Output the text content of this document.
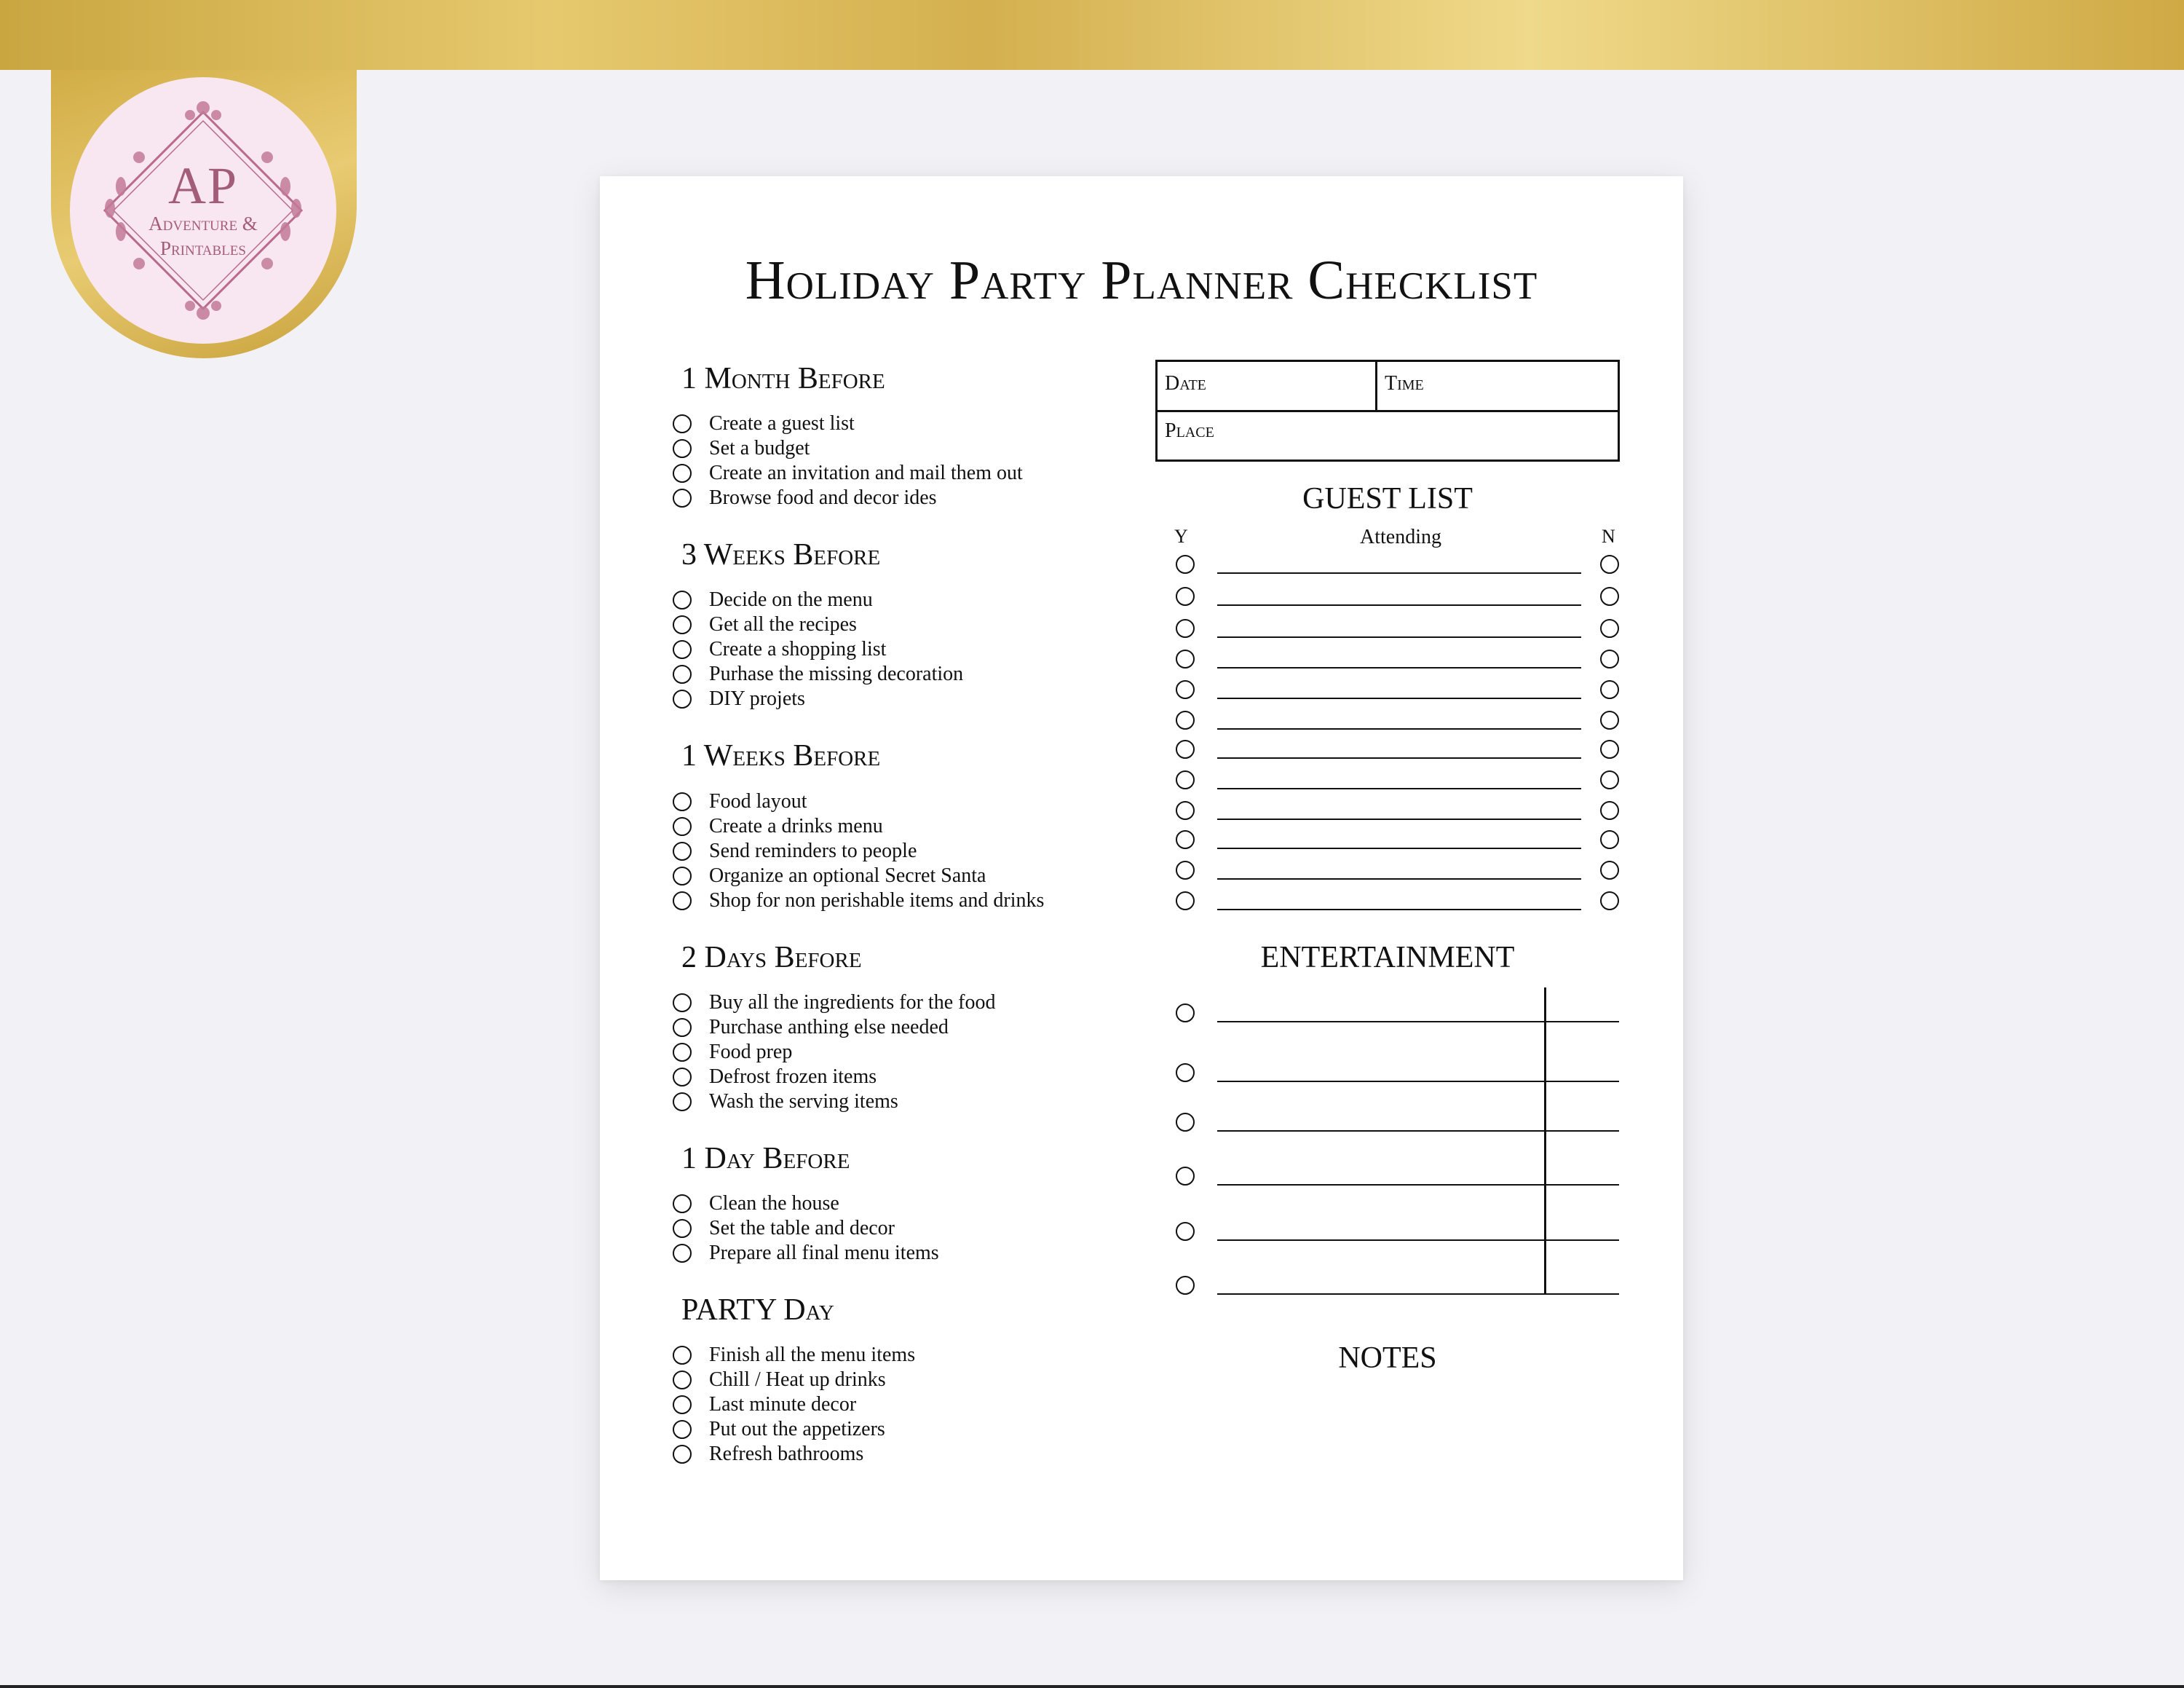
AP
Adventure &
Printables
Holiday Party Planner Checklist
1 Month Before
Create a guest list
Set a budget
Create an invitation and mail them out
Browse food and decor ides
3 Weeks Before
Decide on the menu
Get all the recipes
Create a shopping list
Purhase the missing decoration
DIY projets
1 Weeks Before
Food layout
Create a drinks menu
Send reminders to people
Organize an optional Secret Santa
Shop for non perishable items and drinks
2 Days Before
Buy all the ingredients for the food
Purchase anthing else needed
Food prep
Defrost frozen items
Wash the serving items
1 Day Before
Clean the house
Set the table and decor
Prepare all final menu items
PARTY Day
Finish all the menu items
Chill / Heat up drinks
Last minute decor
Put out the appetizers
Refresh bathrooms
Date	Time
Place
GUEST LIST
Y	Attending	N
ENTERTAINMENT
NOTES
